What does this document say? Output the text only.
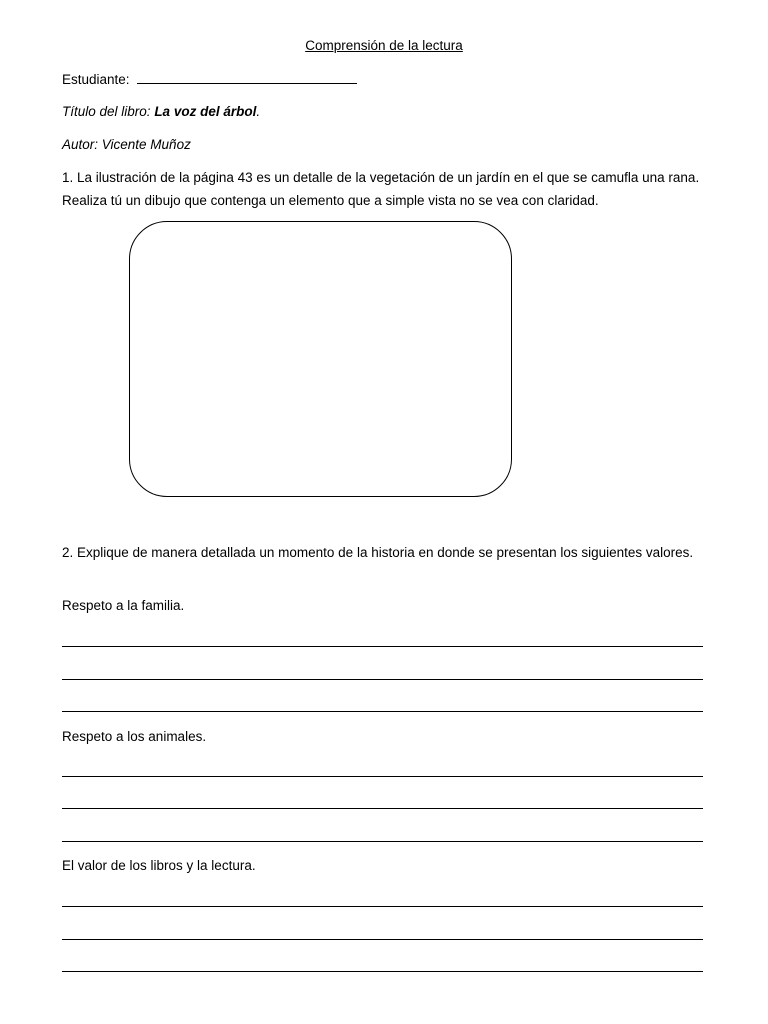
Comprensión de la lectura
Estudiante:
Título del libro: La voz del árbol.
Autor: Vicente Muñoz
1. La ilustración de la página 43 es un detalle de la vegetación de un jardín en el que se camufla una rana. Realiza tú un dibujo que contenga un elemento que a simple vista no se vea con claridad.
2. Explique de manera detallada un momento de la historia en donde se presentan los siguientes valores.
Respeto a la familia.
Respeto a los animales.
El valor de los libros y la lectura.
